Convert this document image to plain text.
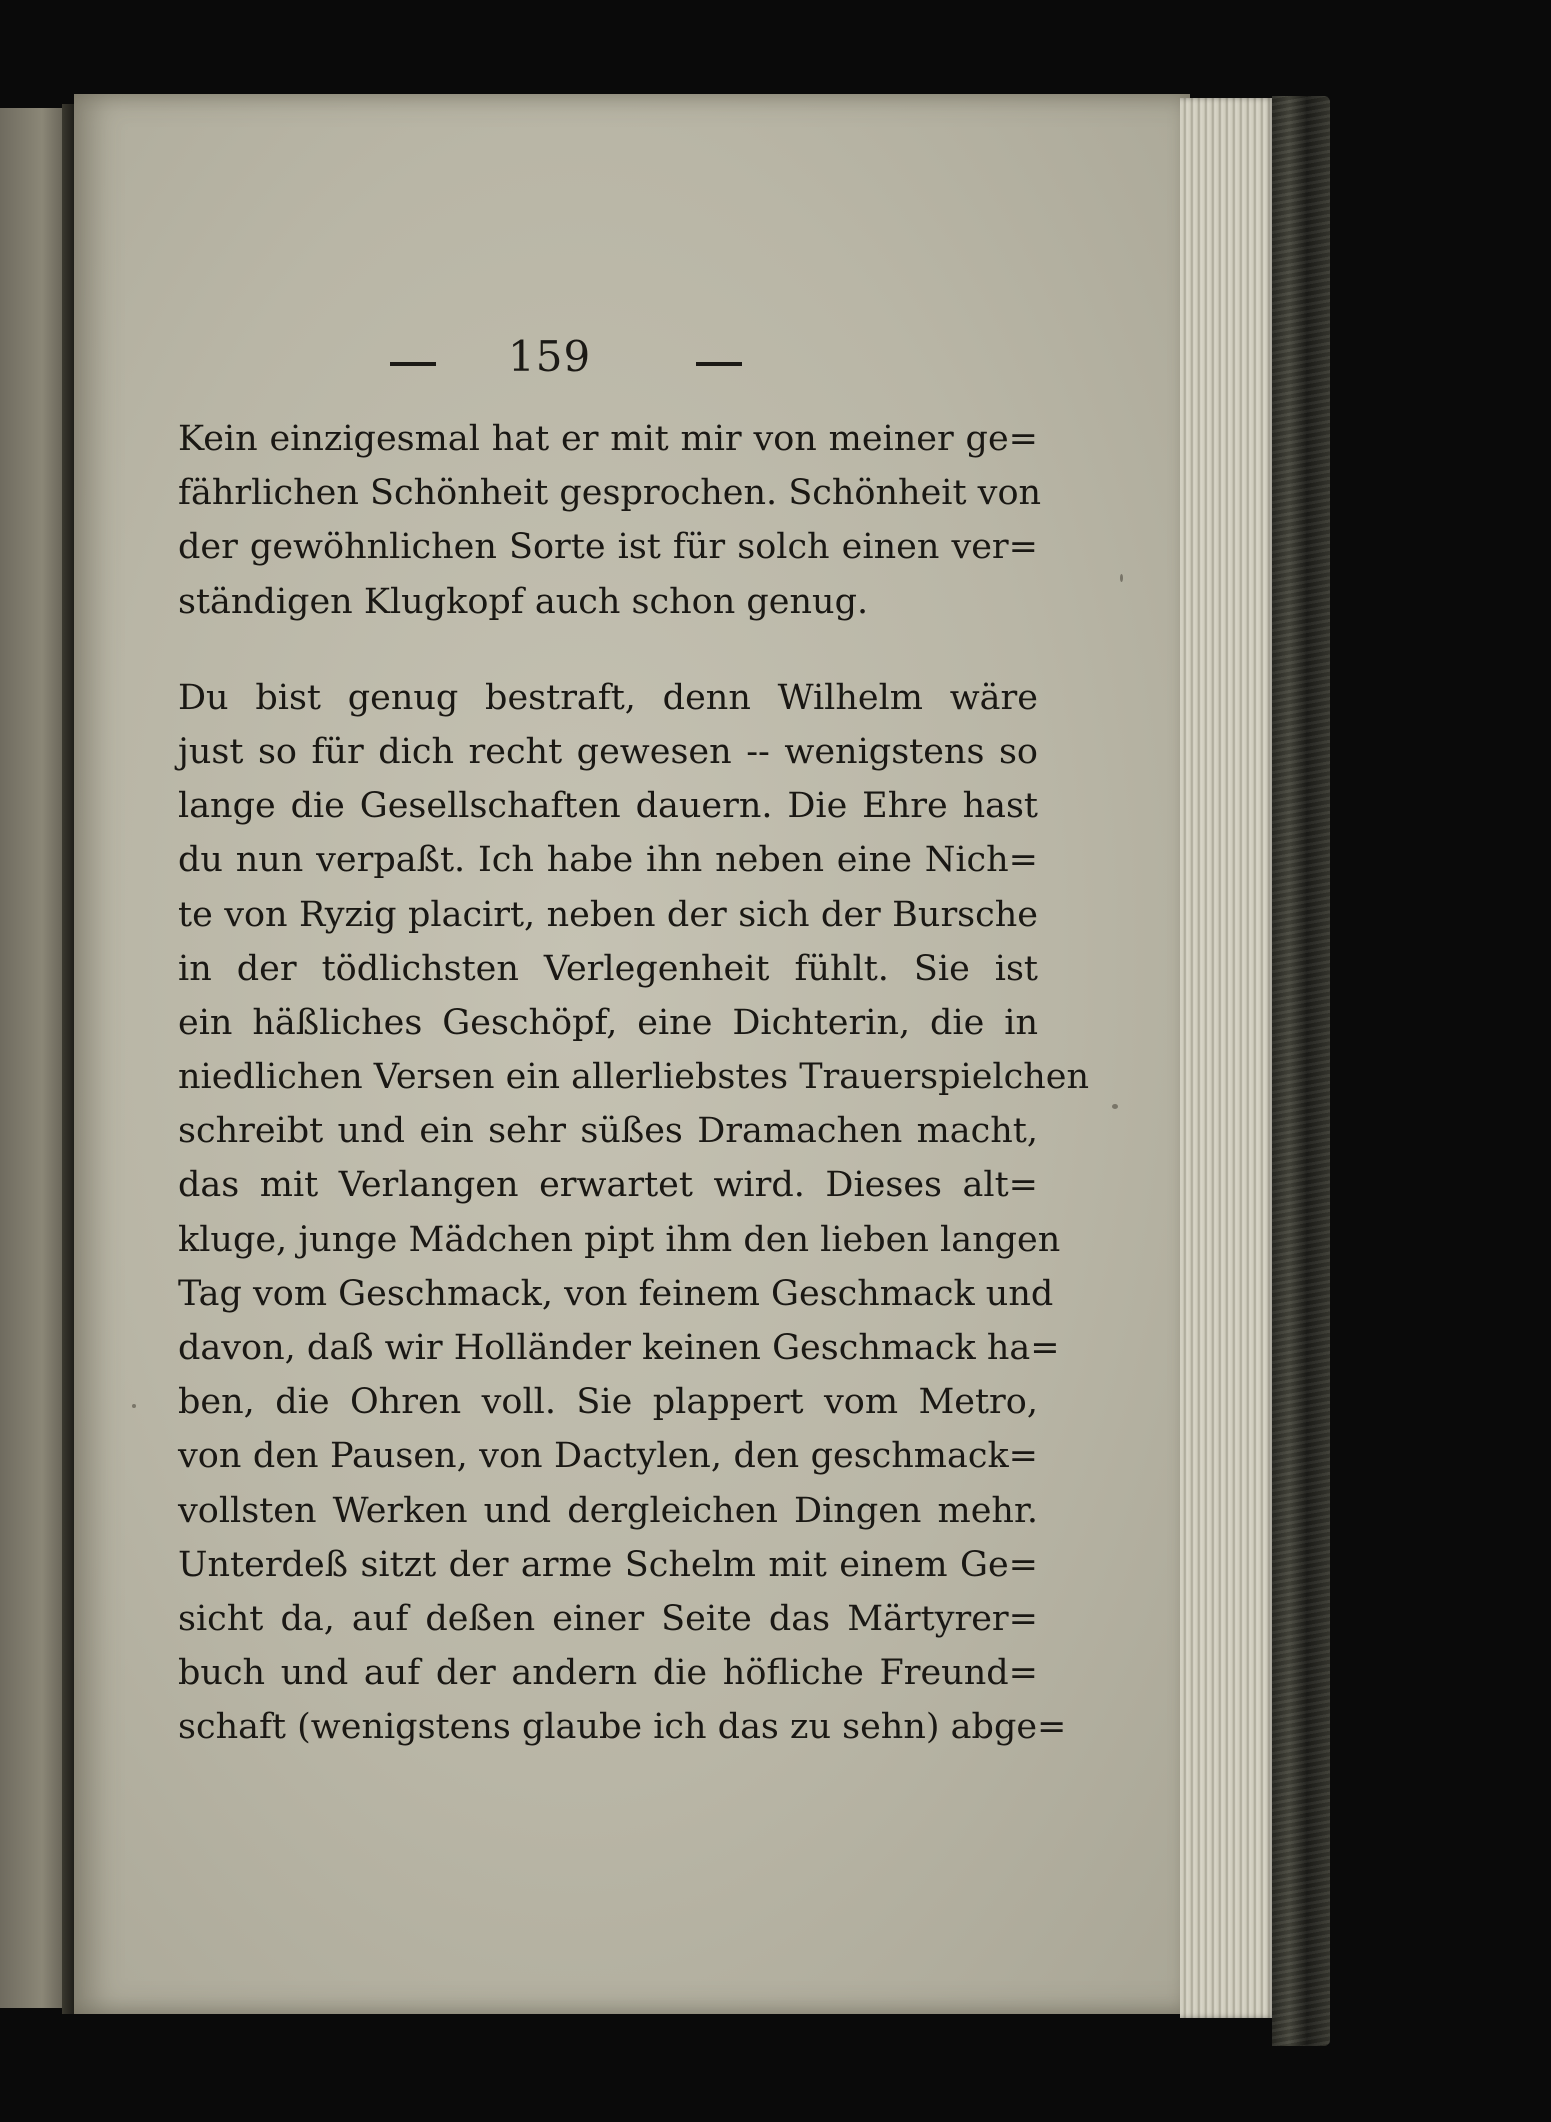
159
Kein einzigesmal hat er mit mir von meiner ge=
fährlichen Schönheit gesprochen. Schönheit von
der gewöhnlichen Sorte ist für solch einen ver=
ständigen Klugkopf auch schon genug.
Du bist genug bestraft, denn Wilhelm wäre
just so für dich recht gewesen -- wenigstens so
lange die Gesellschaften dauern. Die Ehre hast
du nun verpaßt. Ich habe ihn neben eine Nich=
te von Ryzig placirt, neben der sich der Bursche
in der tödlichsten Verlegenheit fühlt. Sie ist
ein häßliches Geschöpf, eine Dichterin, die in
niedlichen Versen ein allerliebstes Trauerspielchen
schreibt und ein sehr süßes Dramachen macht,
das mit Verlangen erwartet wird. Dieses alt=
kluge, junge Mädchen pipt ihm den lieben langen
Tag vom Geschmack, von feinem Geschmack und
davon, daß wir Holländer keinen Geschmack ha=
ben, die Ohren voll. Sie plappert vom Metro,
von den Pausen, von Dactylen, den geschmack=
vollsten Werken und dergleichen Dingen mehr.
Unterdeß sitzt der arme Schelm mit einem Ge=
sicht da, auf deßen einer Seite das Märtyrer=
buch und auf der andern die höfliche Freund=
schaft (wenigstens glaube ich das zu sehn) abge=
